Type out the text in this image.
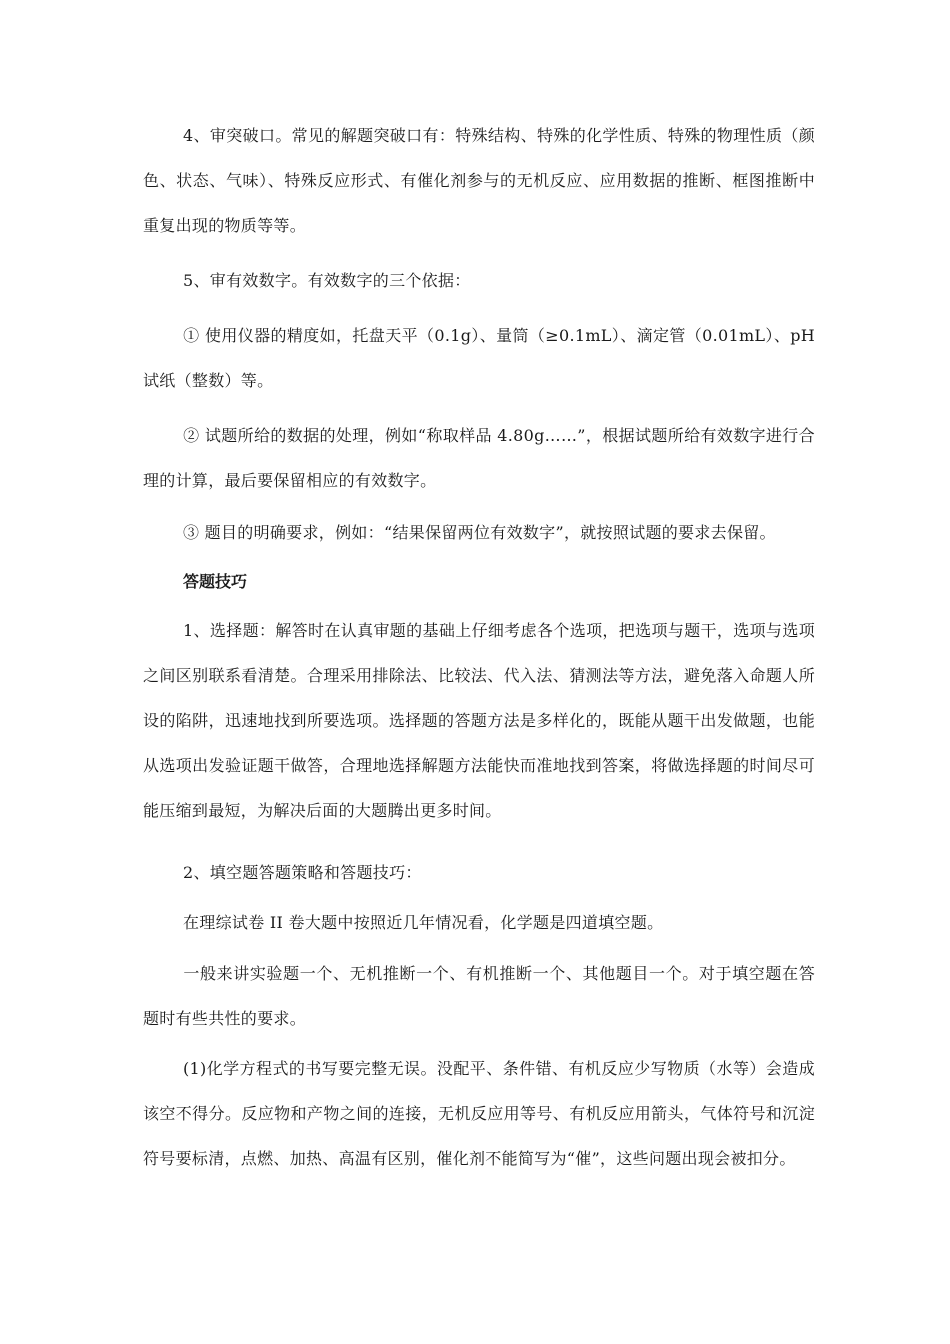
4、审突破口。常见的解题突破口有：特殊结构、特殊的化学性质、特殊的物理性质（颜色、状态、气味）、特殊反应形式、有催化剂参与的无机反应、应用数据的推断、框图推断中重复出现的物质等等。

5、审有效数字。有效数字的三个依据：

① 使用仪器的精度如，托盘天平（0.1g）、量筒（≥0.1mL）、滴定管（0.01mL）、pH 试纸（整数）等。

② 试题所给的数据的处理，例如“称取样品 4.80g……”，根据试题所给有效数字进行合理的计算，最后要保留相应的有效数字。

③ 题目的明确要求，例如：“结果保留两位有效数字”，就按照试题的要求去保留。

答题技巧

1、选择题：解答时在认真审题的基础上仔细考虑各个选项，把选项与题干，选项与选项之间区别联系看清楚。合理采用排除法、比较法、代入法、猜测法等方法，避免落入命题人所设的陷阱，迅速地找到所要选项。选择题的答题方法是多样化的，既能从题干出发做题，也能从选项出发验证题干做答，合理地选择解题方法能快而准地找到答案，将做选择题的时间尽可能压缩到最短，为解决后面的大题腾出更多时间。

2、填空题答题策略和答题技巧：

在理综试卷 II 卷大题中按照近几年情况看，化学题是四道填空题。

一般来讲实验题一个、无机推断一个、有机推断一个、其他题目一个。对于填空题在答题时有些共性的要求。

(1)化学方程式的书写要完整无误。没配平、条件错、有机反应少写物质（水等）会造成该空不得分。反应物和产物之间的连接，无机反应用等号、有机反应用箭头，气体符号和沉淀符号要标清，点燃、加热、高温有区别，催化剂不能简写为“催”，这些问题出现会被扣分。
